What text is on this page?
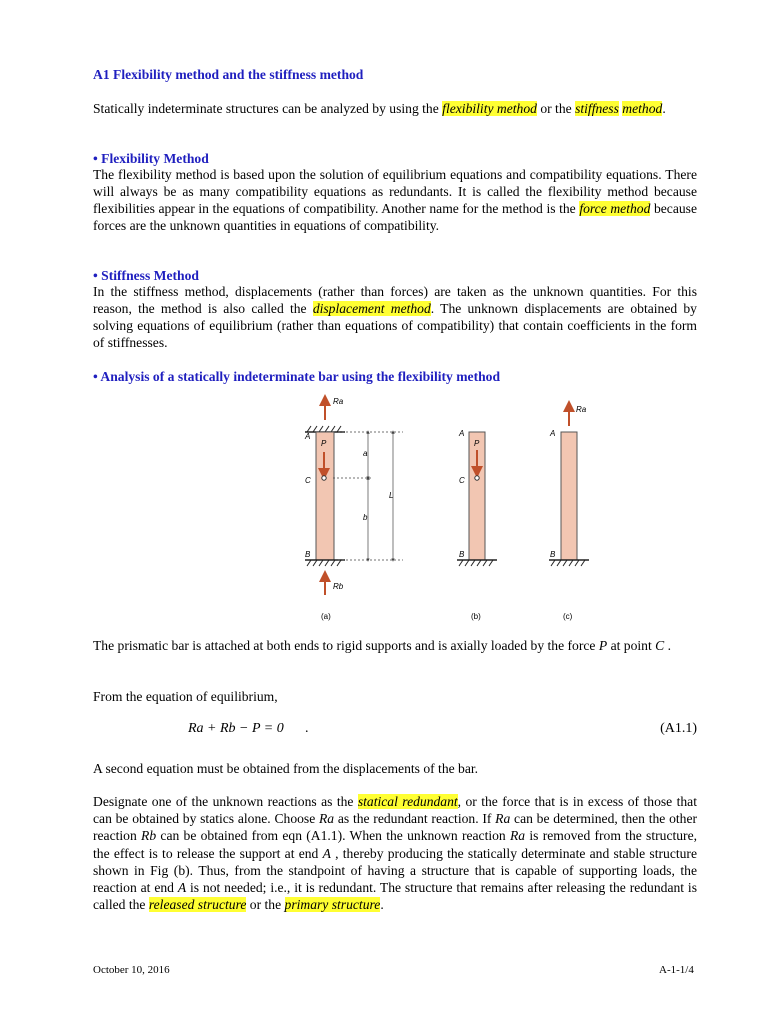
A1 Flexibility method and the stiffness method
Statically indeterminate structures can be analyzed by using the flexibility method or the stiffness method.
• Flexibility Method
The flexibility method is based upon the solution of equilibrium equations and compatibility equations. There will always be as many compatibility equations as redundants. It is called the flexibility method because flexibilities appear in the equations of compatibility. Another name for the method is the force method because forces are the unknown quantities in equations of compatibility.
• Stiffness Method
In the stiffness method, displacements (rather than forces) are taken as the unknown quantities. For this reason, the method is also called the displacement method. The unknown displacements are obtained by solving equations of equilibrium (rather than equations of compatibility) that contain coefficients in the form of stiffnesses.
• Analysis of a statically indeterminate bar using the flexibility method
Ra
Rb
P
A
C
B
a
b
L
(a)
P
A
C
B
(b)
Ra
A
B
(c)
The prismatic bar is attached at both ends to rigid supports and is axially loaded by the force P at point C .
From the equation of equilibrium,
Ra + Rb − P = 0 .	(A1.1)
A second equation must be obtained from the displacements of the bar.
Designate one of the unknown reactions as the statical redundant, or the force that is in excess of those that can be obtained by statics alone. Choose Ra as the redundant reaction. If Ra can be determined, then the other reaction Rb can be obtained from eqn (A1.1). When the unknown reaction Ra is removed from the structure, the effect is to release the support at end A , thereby producing the statically determinate and stable structure shown in Fig (b). Thus, from the standpoint of having a structure that is capable of supporting loads, the reaction at end A is not needed; i.e., it is redundant. The structure that remains after releasing the redundant is called the released structure or the primary structure.
October 10, 2016	A-1-1/4
